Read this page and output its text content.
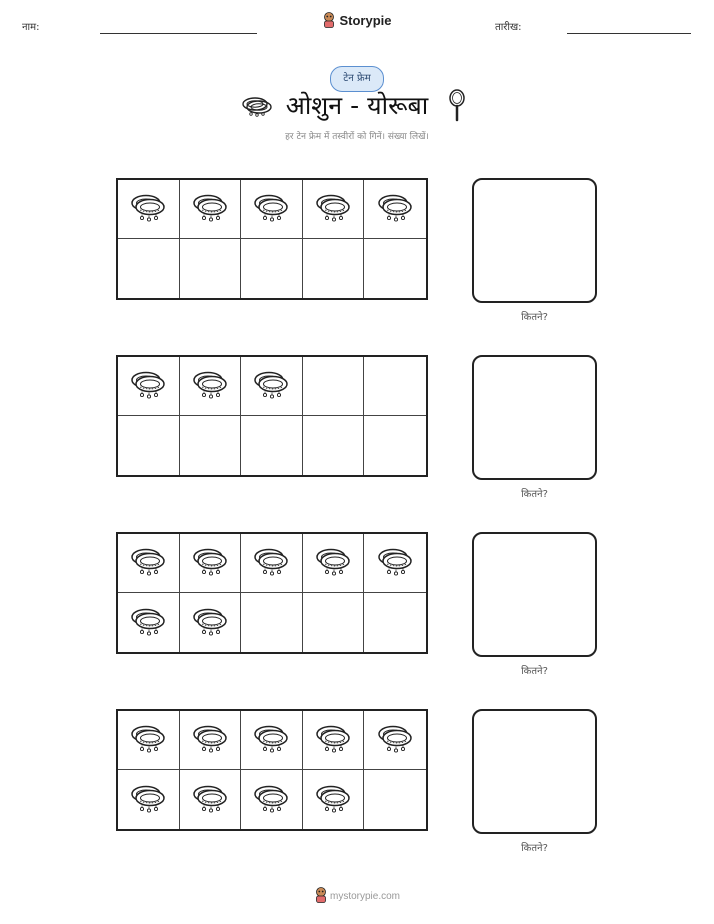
नाम:	Storypie	तारीख:
टेन फ्रेम
ओशुन - योरूबा
हर टेन फ्रेम में तस्वीरों को गिनें। संख्या लिखें।
कितने?
कितने?
कितने?
कितने?
mystorypie.com
